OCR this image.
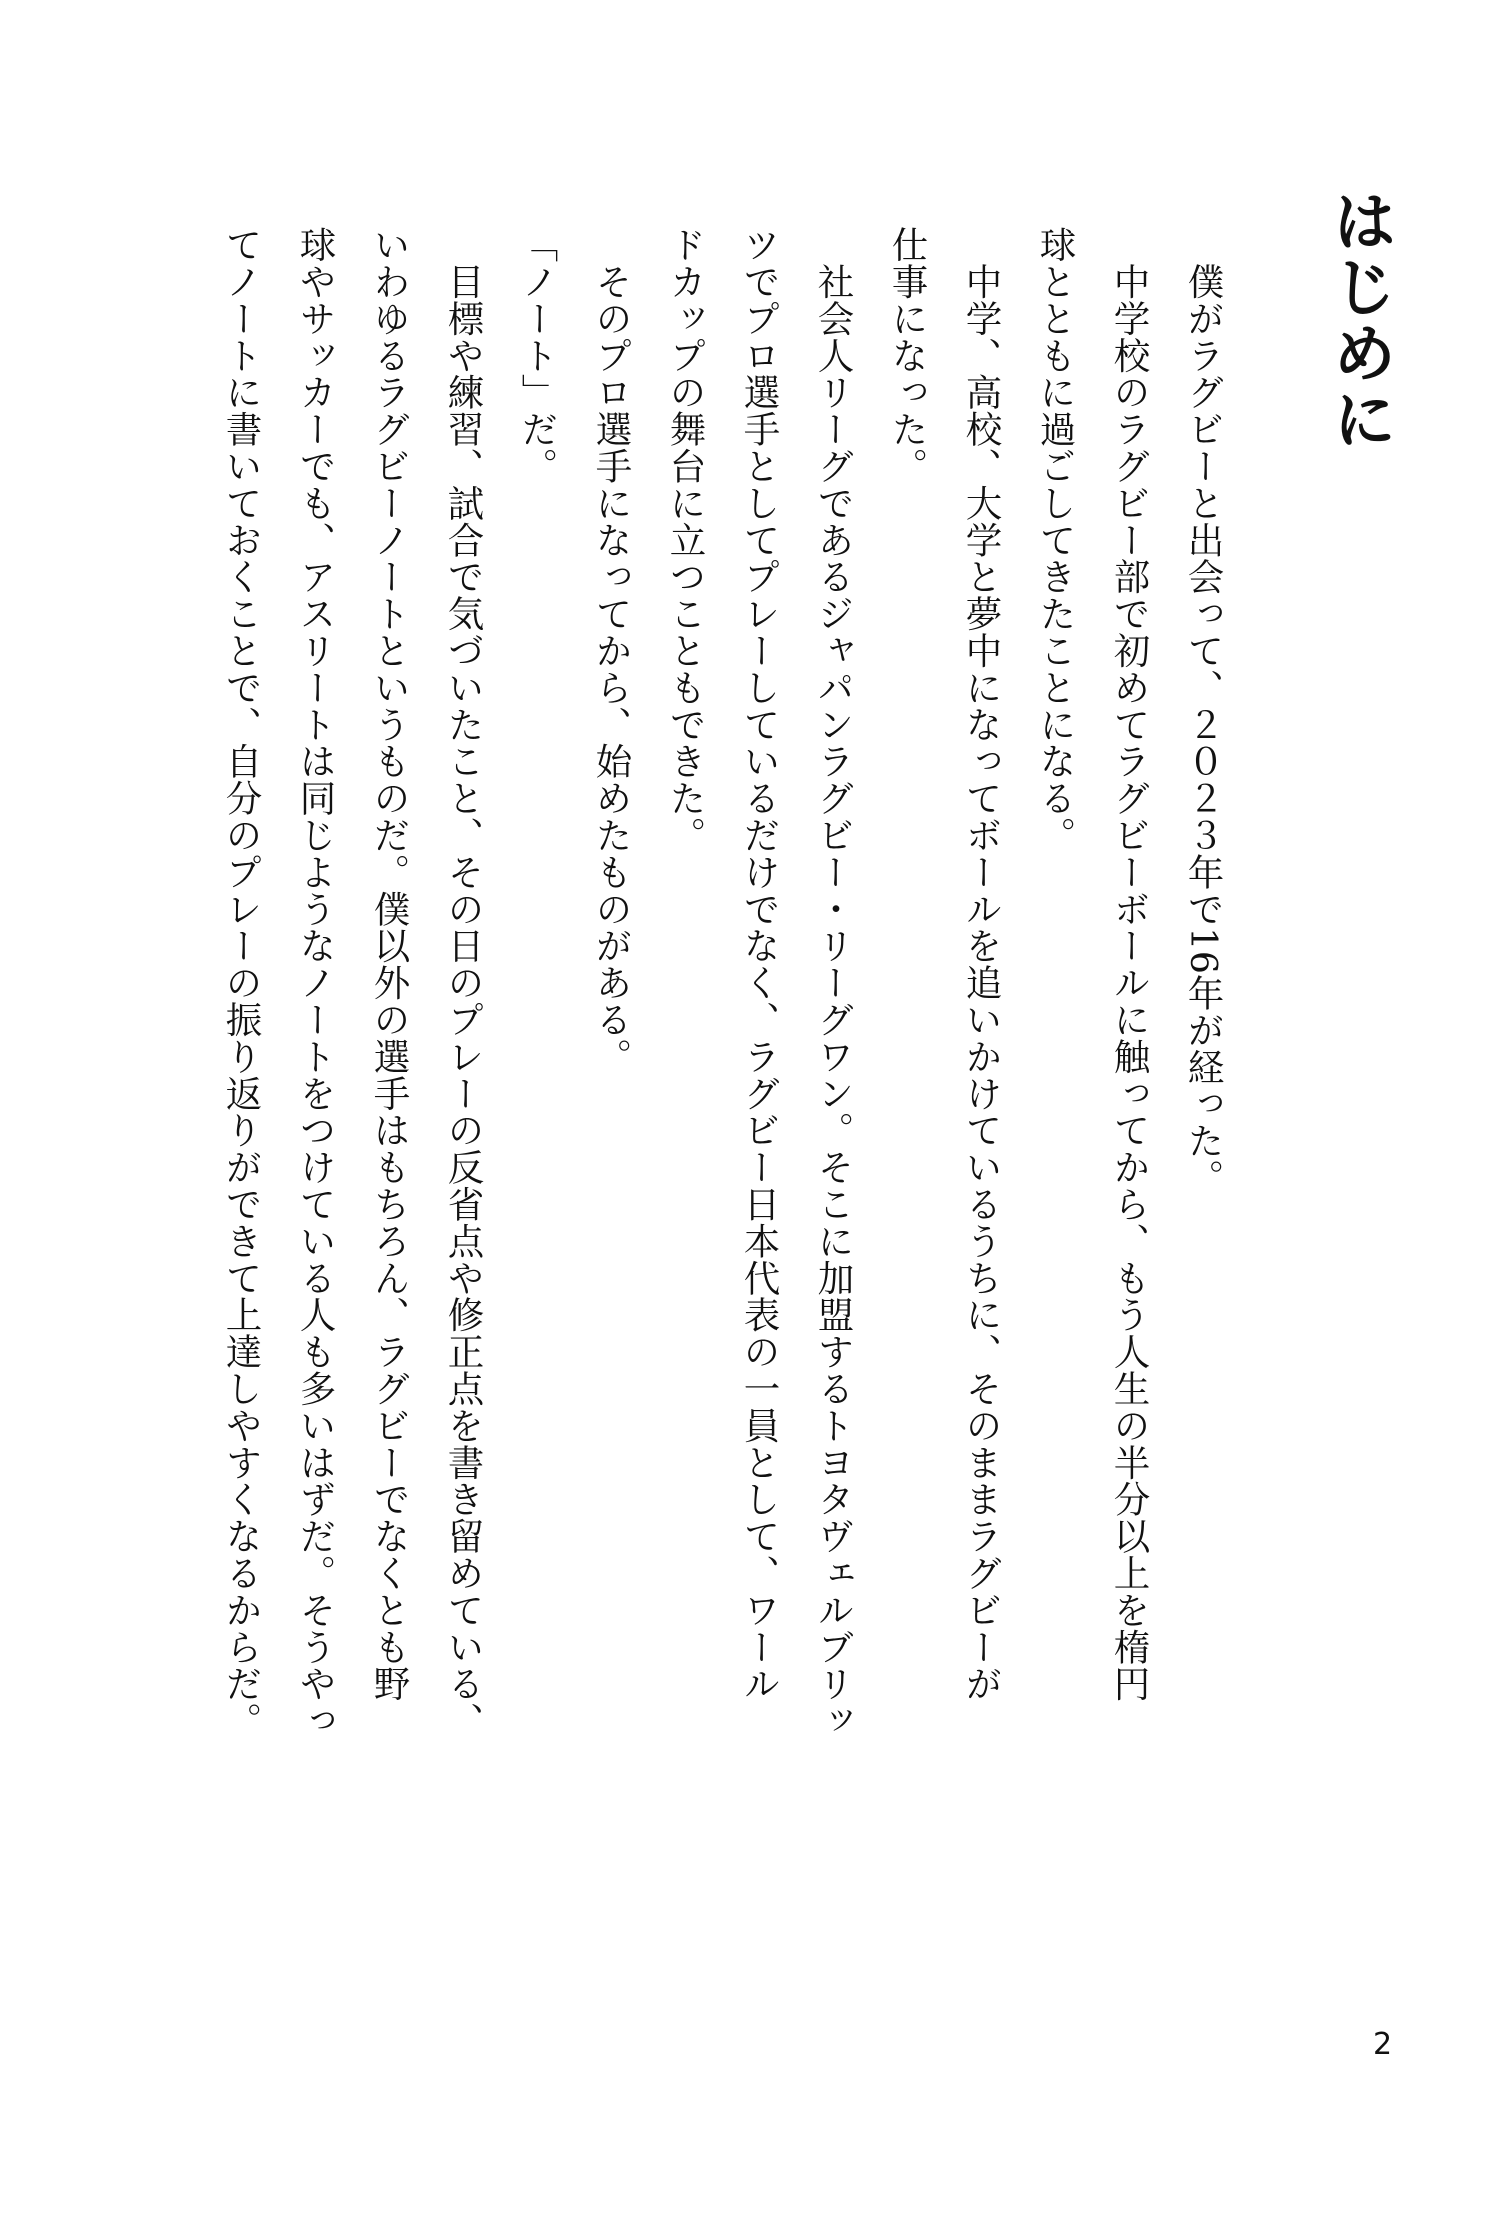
はじめに

　僕がラグビーと出会って、２０２３年で16年が経った。

　中学校のラグビー部で初めてラグビーボールに触ってから、もう人生の半分以上を楕円
球とともに過ごしてきたことになる。

　中学、高校、大学と夢中になってボールを追いかけているうちに、そのままラグビーが
仕事になった。

　社会人リーグであるジャパンラグビー・リーグワン。そこに加盟するトヨタヴェルブリッ
ツでプロ選手としてプレーしているだけでなく、ラグビー日本代表の一員として、ワール
ドカップの舞台に立つこともできた。

　そのプロ選手になってから、始めたものがある。

「ノート」だ。

　目標や練習、試合で気づいたこと、その日のプレーの反省点や修正点を書き留めている、
いわゆるラグビーノートというものだ。僕以外の選手はもちろん、ラグビーでなくとも野
球やサッカーでも、アスリートは同じようなノートをつけている人も多いはずだ。そうやっ
てノートに書いておくことで、自分のプレーの振り返りができて上達しやすくなるからだ。

2
